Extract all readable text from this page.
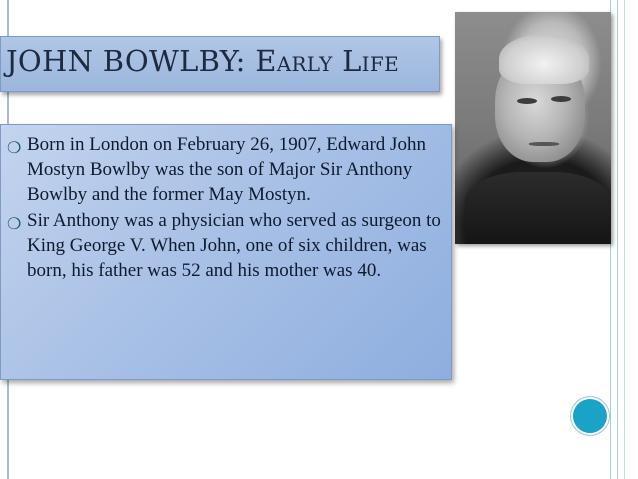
JOHN BOWLBY: Early Life
❍ Born in London on February 26, 1907, Edward John Mostyn Bowlby was the son of Major Sir Anthony Bowlby and the former May Mostyn.
❍ Sir Anthony was a physician who served as surgeon to King George V. When John, one of six children, was born, his father was 52 and his mother was 40.
